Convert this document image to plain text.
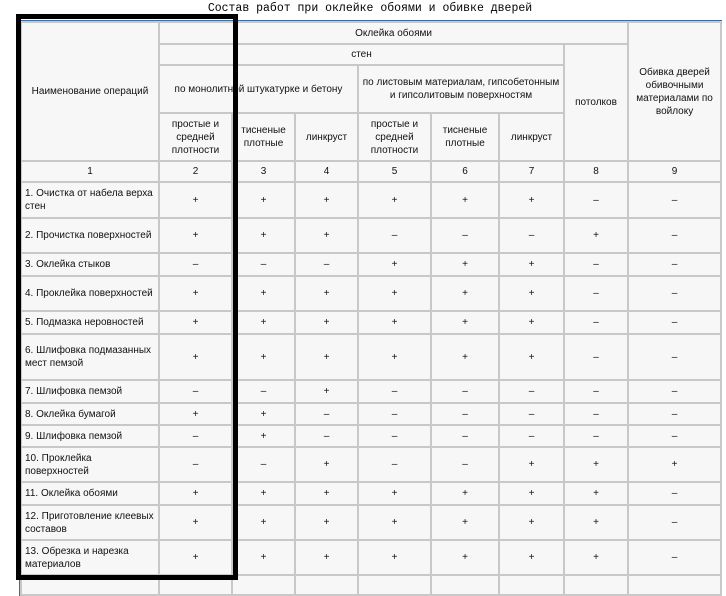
Состав работ при оклейке обоями и обивке дверей
Наименование операций	Оклейка обоями							Обивка дверей обивочными материалами по войлоку
	стен						потолков	
	по монолитной штукатурке и бетону			по листовым материалам, гипсобетонным и гипсолитовым поверхностям				
	простые и средней плотности	тисненые плотные	линкруст	простые и средней плотности	тисненые плотные	линкруст		
1	2	3	4	5	6	7	8	9
1. Очистка от набела верха стен	+	+	+	+	+	+	–	–
2. Прочистка поверхностей	+	+	+	–	–	–	+	–
3. Оклейка стыков	–	–	–	+	+	+	–	–
4. Проклейка поверхностей	+	+	+	+	+	+	–	–
5. Подмазка неровностей	+	+	+	+	+	+	–	–
6. Шлифовка подмазанных мест пемзой	+	+	+	+	+	+	–	–
7. Шлифовка пемзой	–	–	+	–	–	–	–	–
8. Оклейка бумагой	+	+	–	–	–	–	–	–
9. Шлифовка пемзой	–	+	–	–	–	–	–	–
10. Проклейка поверхностей	–	–	+	–	–	+	+	+
11. Оклейка обоями	+	+	+	+	+	+	+	–
12. Приготовление клеевых составов	+	+	+	+	+	+	+	–
13. Обрезка и нарезка материалов	+	+	+	+	+	+	+	–
